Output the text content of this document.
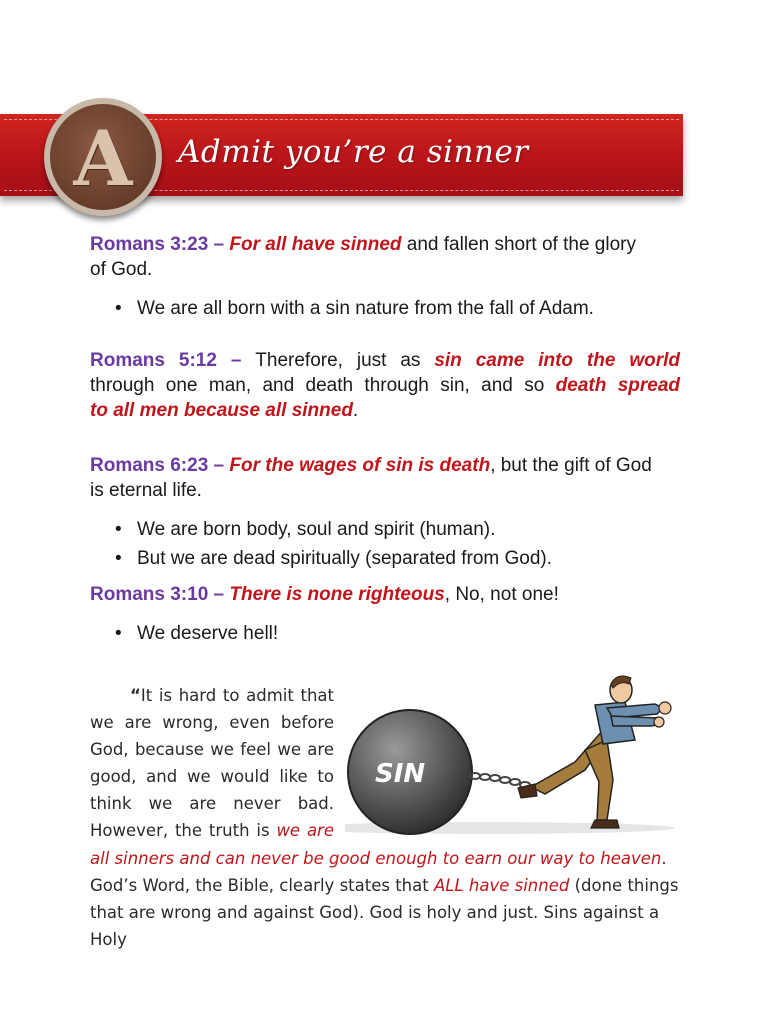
Admit you’re a sinner
A
Romans 3:23 – For all have sinned and fallen short of the glory
of God.
• We are all born with a sin nature from the fall of Adam.
Romans 5:12 – Therefore, just as sin came into the world
through one man, and death through sin, and so death spread
to all men because all sinned.
Romans 6:23 – For the wages of sin is death, but the gift of God
is eternal life.
• We are born body, soul and spirit (human).
• But we are dead spiritually (separated from God).
Romans 3:10 – There is none righteous, No, not one!
• We deserve hell!
“It is hard to admit that
we are wrong, even before
God, because we feel we are
good, and we would like to
think we are never bad.
However, the truth is we are
all sinners and can never be good enough to earn our way to heaven.
God’s Word, the Bible, clearly states that ALL have sinned (done things
that are wrong and against God). God is holy and just. Sins against a Holy
SIN
